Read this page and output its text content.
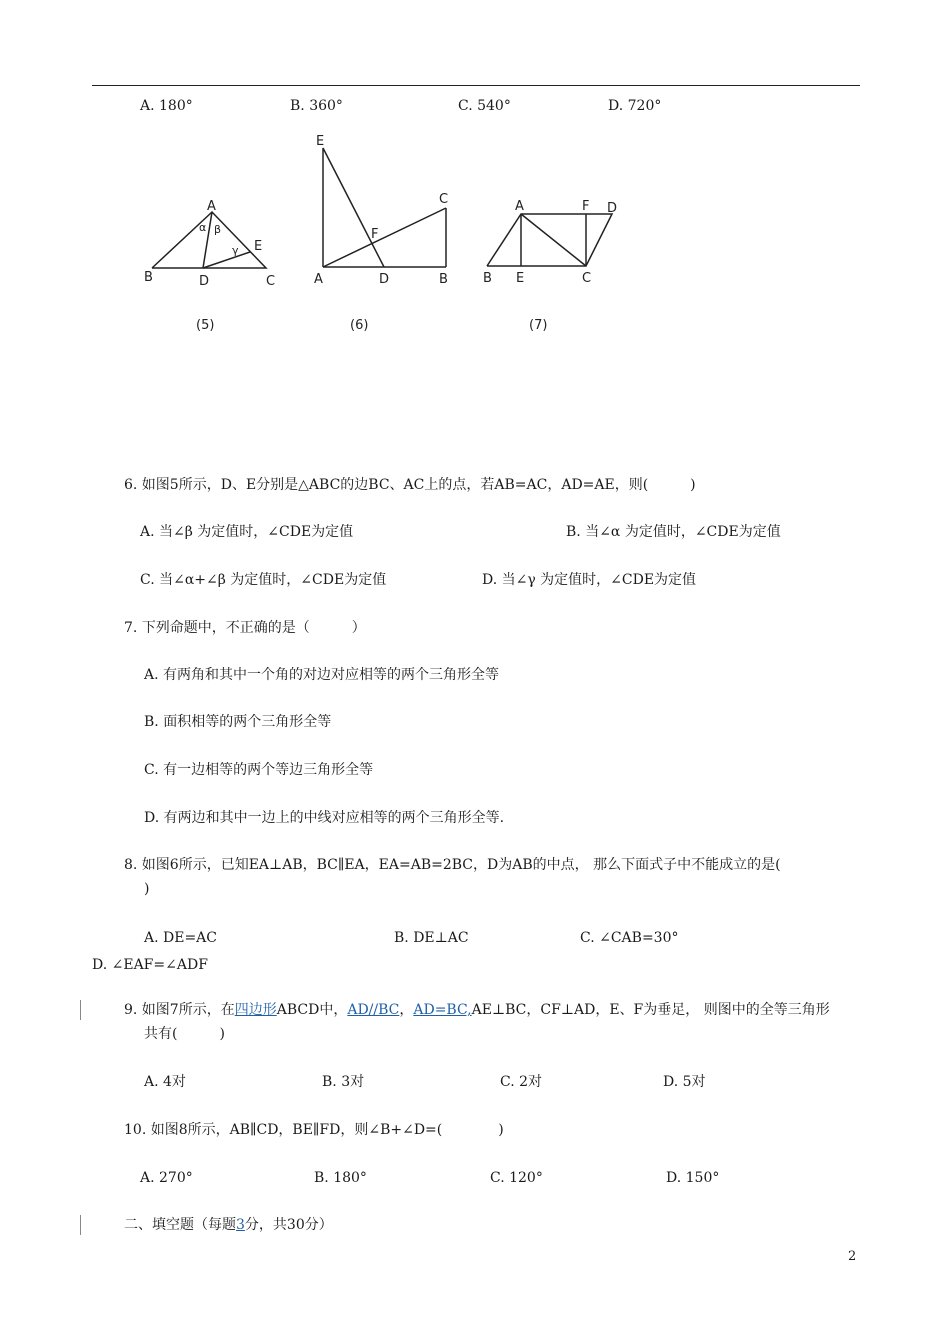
A. 180°	B. 360°	C. 540°	D. 720°
A
B	D	C
E
α β
γ
(5)
E
A	D	B
C
F
(6)
A	F D
B E	C
(7)
6. 如图5所示，D、E分别是△ABC的边BC、AC上的点，若AB=AC，AD=AE，则(　　　)
A. 当∠β 为定值时，∠CDE为定值	B. 当∠α 为定值时，∠CDE为定值
C. 当∠α+∠β 为定值时，∠CDE为定值	D. 当∠γ 为定值时，∠CDE为定值
7. 下列命题中，不正确的是（　　　）
A. 有两角和其中一个角的对边对应相等的两个三角形全等
B. 面积相等的两个三角形全等
C. 有一边相等的两个等边三角形全等
D. 有两边和其中一边上的中线对应相等的两个三角形全等.
8. 如图6所示，已知EA⊥AB，BC∥EA，EA=AB=2BC，D为AB的中点， 那么下面式子中不能成立的是(
)
A. DE=AC	B. DE⊥AC	C. ∠CAB=30°
D. ∠EAF=∠ADF
9. 如图7所示，在四边形ABCD中，AD//BC，AD=BC,AE⊥BC，CF⊥AD，E、F为垂足， 则图中的全等三角形
共有(　　　)
A. 4对	B. 3对	C. 2对	D. 5对
10. 如图8所示，AB∥CD，BE∥FD，则∠B+∠D=(　　　　)
A. 270°	B. 180°	C. 120°	D. 150°
二、填空题（每题3分，共30分）
2
